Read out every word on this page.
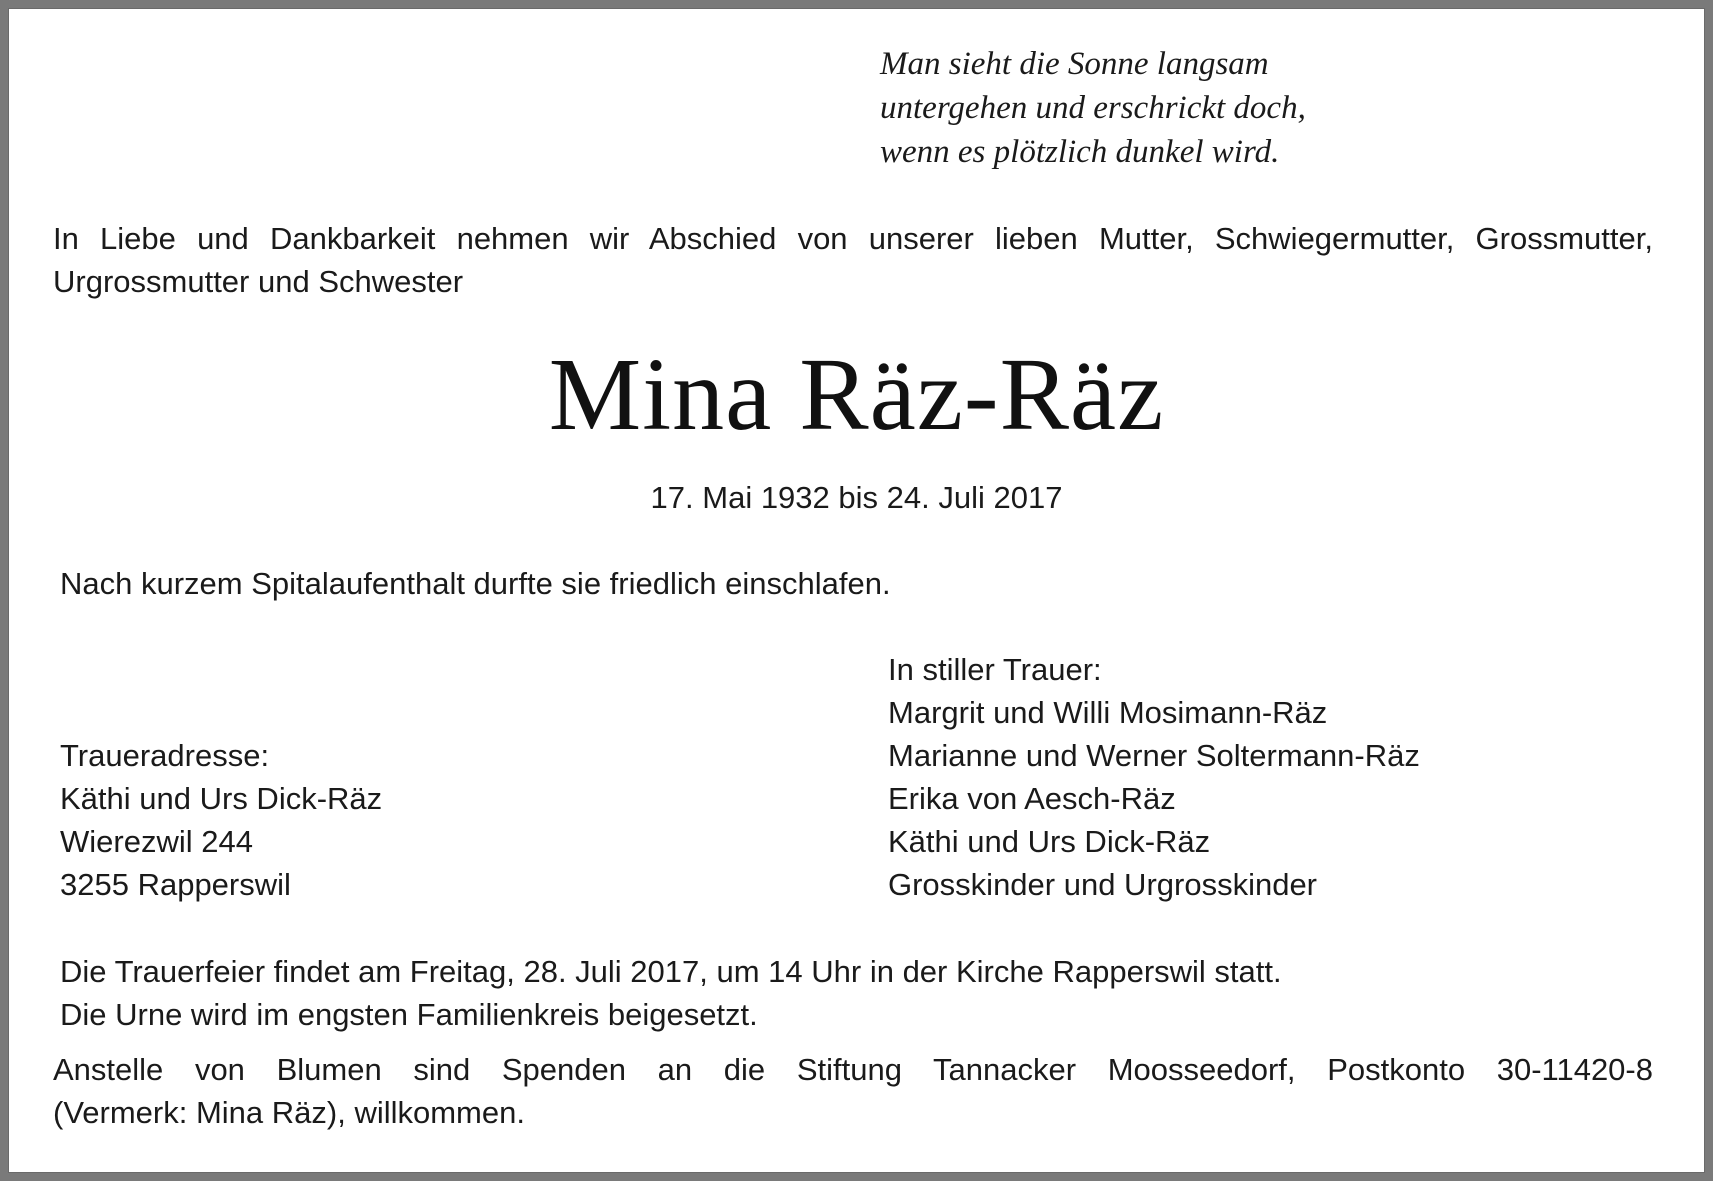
Man sieht die Sonne langsam
untergehen und erschrickt doch,
wenn es plötzlich dunkel wird.
In Liebe und Dankbarkeit nehmen wir Abschied von unserer lieben Mutter, Schwiegermutter, Grossmutter,
Urgrossmutter und Schwester
Mina Räz-Räz
17. Mai 1932 bis 24. Juli 2017
Nach kurzem Spitalaufenthalt durfte sie friedlich einschlafen.
In stiller Trauer:
Margrit und Willi Mosimann-Räz
Marianne und Werner Soltermann-Räz
Erika von Aesch-Räz
Käthi und Urs Dick-Räz
Grosskinder und Urgrosskinder
Traueradresse:
Käthi und Urs Dick-Räz
Wierezwil 244
3255 Rapperswil
Die Trauerfeier findet am Freitag, 28. Juli 2017, um 14 Uhr in der Kirche Rapperswil statt.
Die Urne wird im engsten Familienkreis beigesetzt.
Anstelle von Blumen sind Spenden an die Stiftung Tannacker Moosseedorf, Postkonto 30-11420-8
(Vermerk: Mina Räz), willkommen.
